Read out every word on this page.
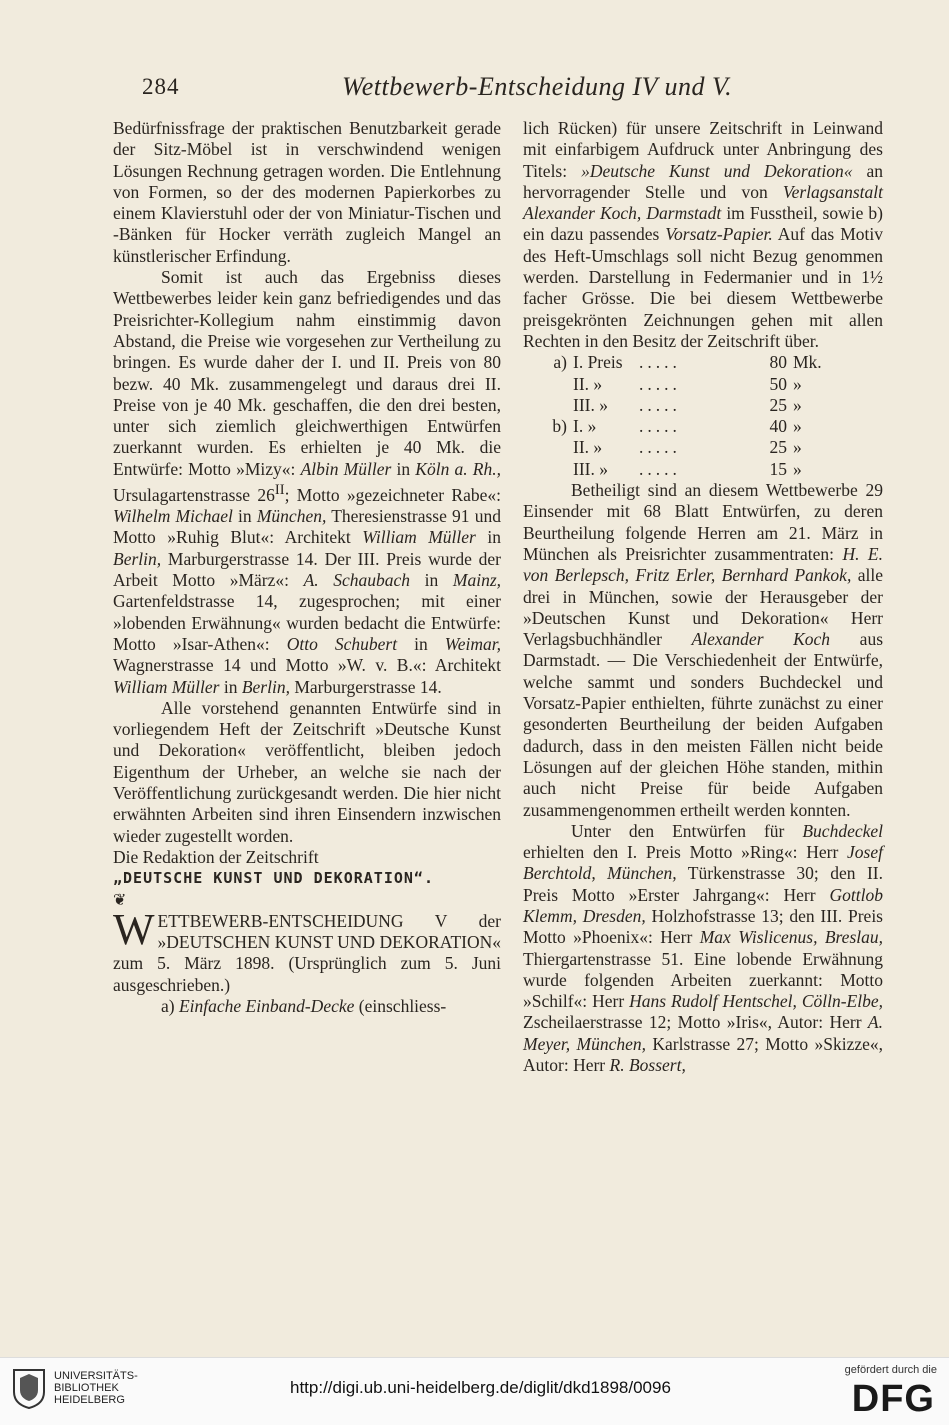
284	Wettbewerb-Entscheidung IV und V.

Bedürfnissfrage der praktischen Benutzbarkeit gerade der Sitz-Möbel ist in verschwindend wenigen Lösungen Rechnung getragen worden. Die Entlehnung von Formen, so der des modernen Papierkorbes zu einem Klavierstuhl oder der von Miniatur-Tischen und -Bänken für Hocker verräth zugleich Mangel an künstlerischer Erfindung.

Somit ist auch das Ergebniss dieses Wettbewerbes leider kein ganz befriedigendes und das Preisrichter-Kollegium nahm einstimmig davon Abstand, die Preise wie vorgesehen zur Vertheilung zu bringen. Es wurde daher der I. und II. Preis von 80 bezw. 40 Mk. zusammengelegt und daraus drei II. Preise von je 40 Mk. geschaffen, die den drei besten, unter sich ziemlich gleichwerthigen Entwürfen zuerkannt wurden. Es erhielten je 40 Mk. die Entwürfe: Motto »Mizy«: Albin Müller in Köln a. Rh., Ursulagartenstrasse $26^{II}$; Motto »gezeichneter Rabe«: Wilhelm Michael in München, Theresienstrasse 91 und Motto »Ruhig Blut«: Architekt William Müller in Berlin, Marburgerstrasse 14. Der III. Preis wurde der Arbeit Motto »März«: A. Schaubach in Mainz, Gartenfeldstrasse 14, zugesprochen; mit einer »lobenden Erwähnung« wurden bedacht die Entwürfe: Motto »Isar-Athen«: Otto Schubert in Weimar, Wagnerstrasse 14 und Motto »W. v. B.«: Architekt William Müller in Berlin, Marburgerstrasse 14.

Alle vorstehend genannten Entwürfe sind in vorliegendem Heft der Zeitschrift »Deutsche Kunst und Dekoration« veröffentlicht, bleiben jedoch Eigenthum der Urheber, an welche sie nach der Veröffentlichung zurückgesandt werden. Die hier nicht erwähnten Arbeiten sind ihren Einsendern inzwischen wieder zugestellt worden.

Die Redaktion der Zeitschrift

„DEUTSCHE KUNST UND DEKORATION“.

❦

WETTBEWERB-ENTSCHEIDUNG V der »DEUTSCHEN KUNST UND DEKORATION« zum 5. März 1898. (Ursprünglich zum 5. Juni ausgeschrieben.)

a) Einfache Einband-Decke (einschliess-

lich Rücken) für unsere Zeitschrift in Leinwand mit einfarbigem Aufdruck unter Anbringung des Titels: »Deutsche Kunst und Dekoration« an hervorragender Stelle und von Verlagsanstalt Alexander Koch, Darmstadt im Fusstheil, sowie b) ein dazu passendes Vorsatz-Papier. Auf das Motiv des Heft-Umschlags soll nicht Bezug genommen werden. Darstellung in Federmanier und in 1½ facher Grösse. Die bei diesem Wettbewerbe preisgekrönten Zeichnungen gehen mit allen Rechten in den Besitz der Zeitschrift über.

a) I. Preis .....	80 Mk.
II. »	.....	50 »
III. »	.....	25 »
b) I. »	.....	40 »
II. »	.....	25 »
III. »	.....	15 »

Betheiligt sind an diesem Wettbewerbe 29 Einsender mit 68 Blatt Entwürfen, zu deren Beurtheilung folgende Herren am 21. März in München als Preisrichter zusammentraten: H. E. von Berlepsch, Fritz Erler, Bernhard Pankok, alle drei in München, sowie der Herausgeber der »Deutschen Kunst und Dekoration« Herr Verlagsbuchhändler Alexander Koch aus Darmstadt. — Die Verschiedenheit der Entwürfe, welche sammt und sonders Buchdeckel und Vorsatz-Papier enthielten, führte zunächst zu einer gesonderten Beurtheilung der beiden Aufgaben dadurch, dass in den meisten Fällen nicht beide Lösungen auf der gleichen Höhe standen, mithin auch nicht Preise für beide Aufgaben zusammengenommen ertheilt werden konnten.

Unter den Entwürfen für Buchdeckel erhielten den I. Preis Motto »Ring«: Herr Josef Berchtold, München, Türkenstrasse 30; den II. Preis Motto »Erster Jahrgang«: Herr Gottlob Klemm, Dresden, Holzhofstrasse 13; den III. Preis Motto »Phoenix«: Herr Max Wislicenus, Breslau, Thiergartenstrasse 51. Eine lobende Erwähnung wurde folgenden Arbeiten zuerkannt: Motto »Schilf«: Herr Hans Rudolf Hentschel, Cölln-Elbe, Zscheilaerstrasse 12; Motto »Iris«, Autor: Herr A. Meyer, München, Karlstrasse 27; Motto »Skizze«, Autor: Herr R. Bossert,

UNIVERSITÄTS-
BIBLIOTHEK
HEIDELBERG
http://digi.ub.uni-heidelberg.de/diglit/dkd1898/0096
gefördert durch die
DFG
